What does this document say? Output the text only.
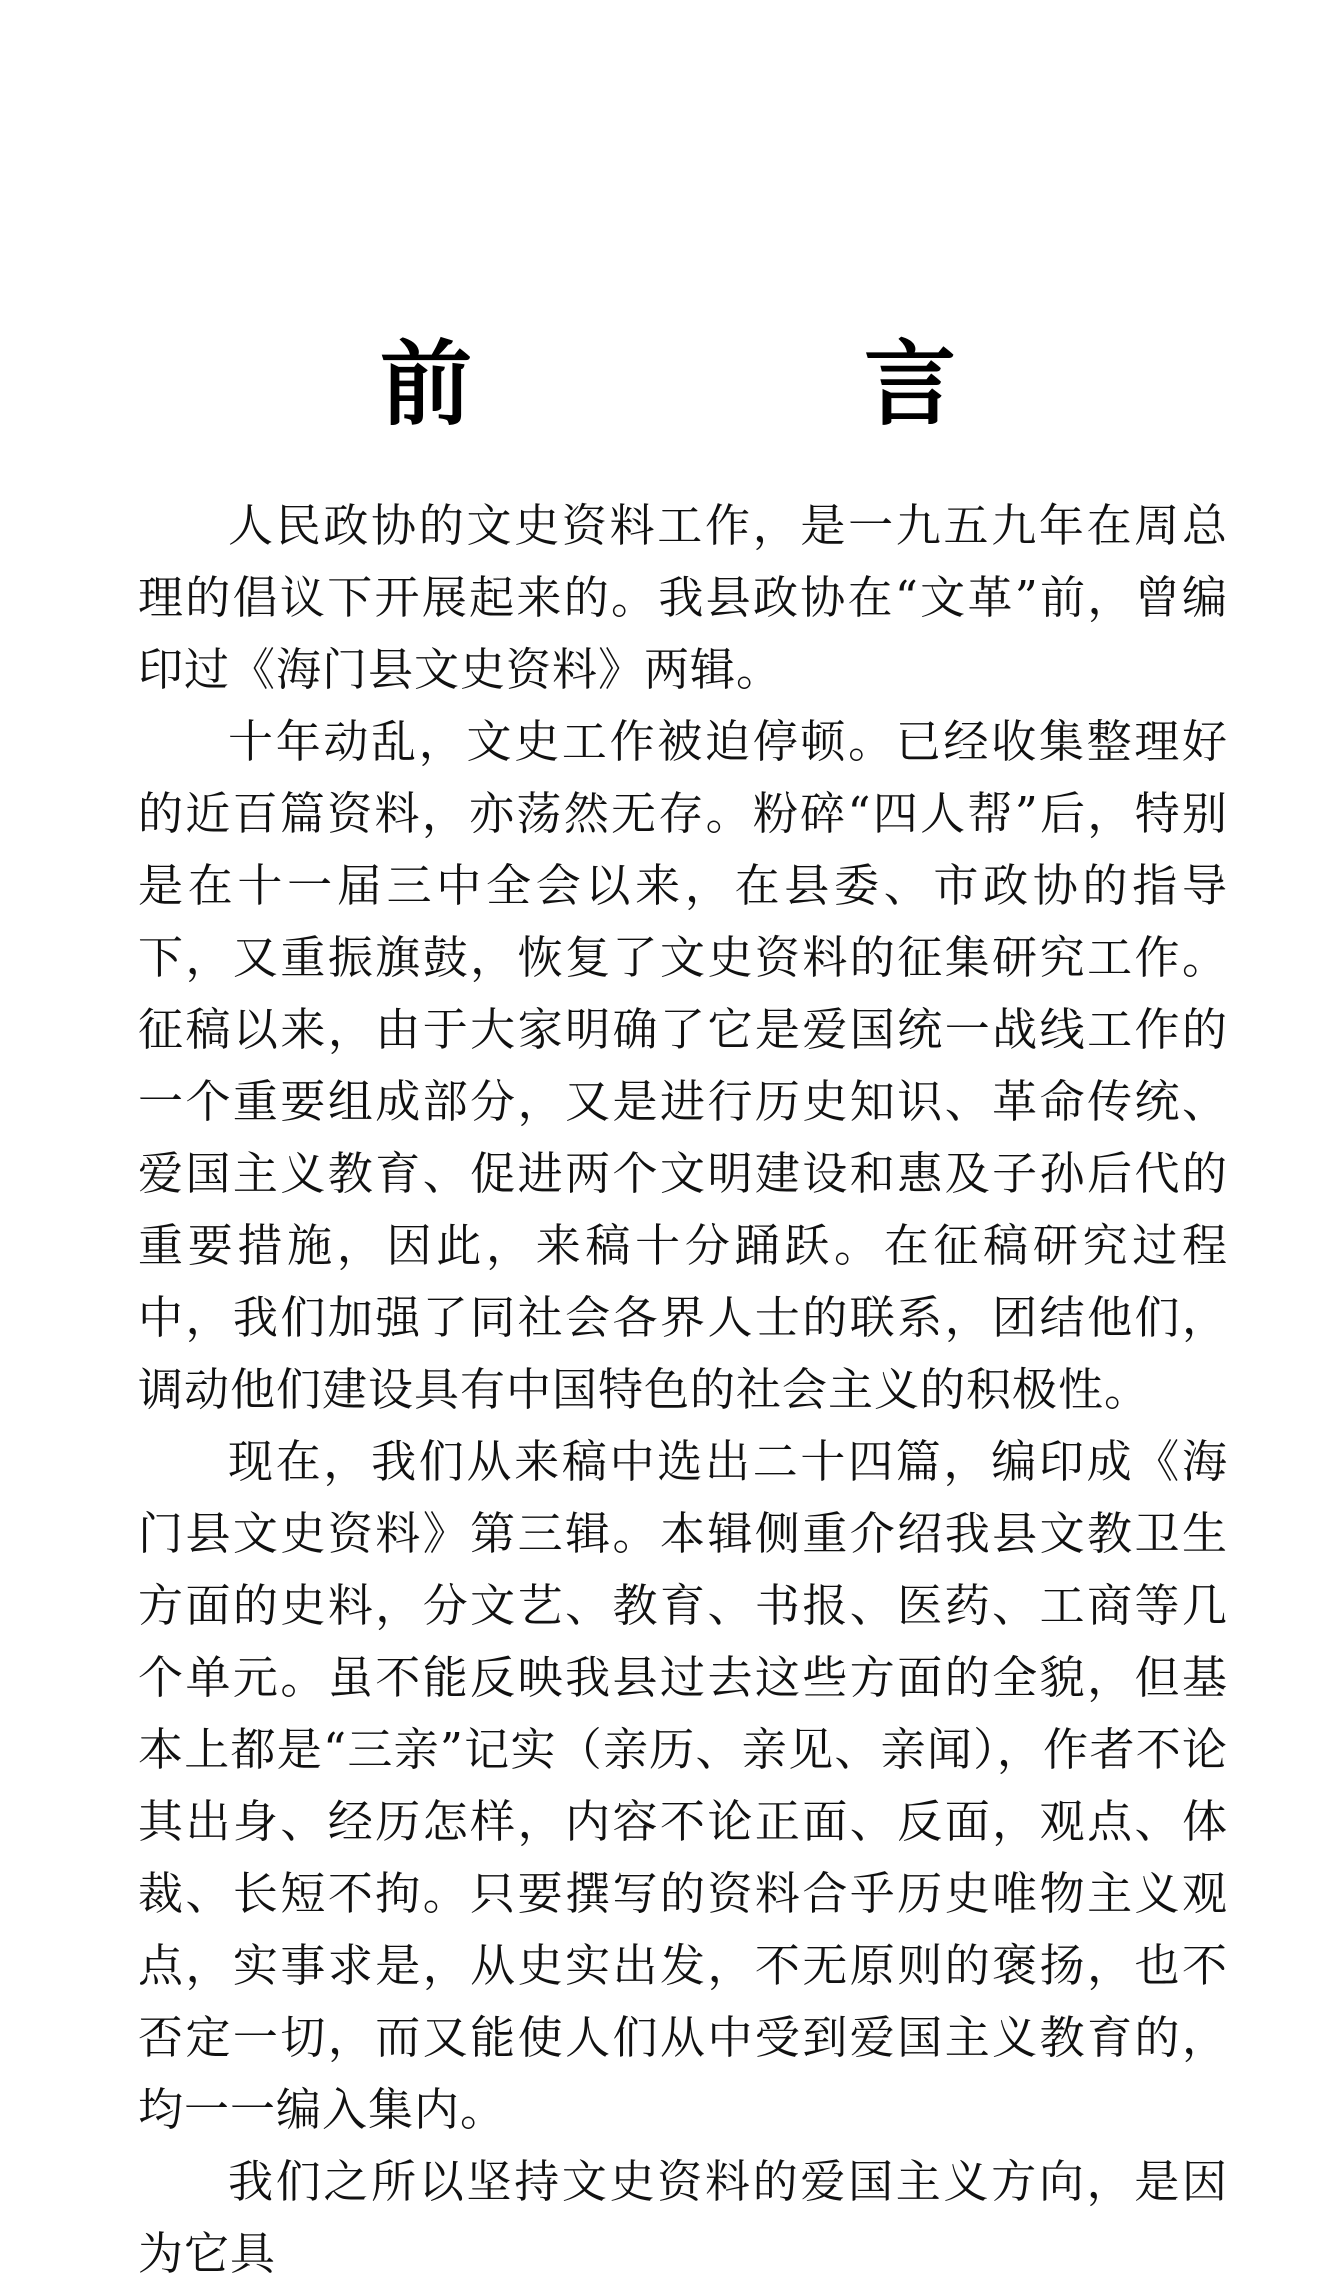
前　言

人民政协的文史资料工作，是一九五九年在周总理的倡议下开展起来的。我县政协在“文革”前，曾编印过《海门县文史资料》两辑。

十年动乱，文史工作被迫停顿。已经收集整理好的近百篇资料，亦荡然无存。粉碎“四人帮”后，特别是在十一届三中全会以来，在县委、市政协的指导下，又重振旗鼓，恢复了文史资料的征集研究工作。征稿以来，由于大家明确了它是爱国统一战线工作的一个重要组成部分，又是进行历史知识、革命传统、爱国主义教育、促进两个文明建设和惠及子孙后代的重要措施，因此，来稿十分踊跃。在征稿研究过程中，我们加强了同社会各界人士的联系，团结他们，调动他们建设具有中国特色的社会主义的积极性。

现在，我们从来稿中选出二十四篇，编印成《海门县文史资料》第三辑。本辑侧重介绍我县文教卫生方面的史料，分文艺、教育、书报、医药、工商等几个单元。虽不能反映我县过去这些方面的全貌，但基本上都是“三亲”记实（亲历、亲见、亲闻），作者不论其出身、经历怎样，内容不论正面、反面，观点、体裁、长短不拘。只要撰写的资料合乎历史唯物主义观点，实事求是，从史实出发，不无原则的褒扬，也不否定一切，而又能使人们从中受到爱国主义教育的，均一一编入集内。

我们之所以坚持文史资料的爱国主义方向，是因为它具
